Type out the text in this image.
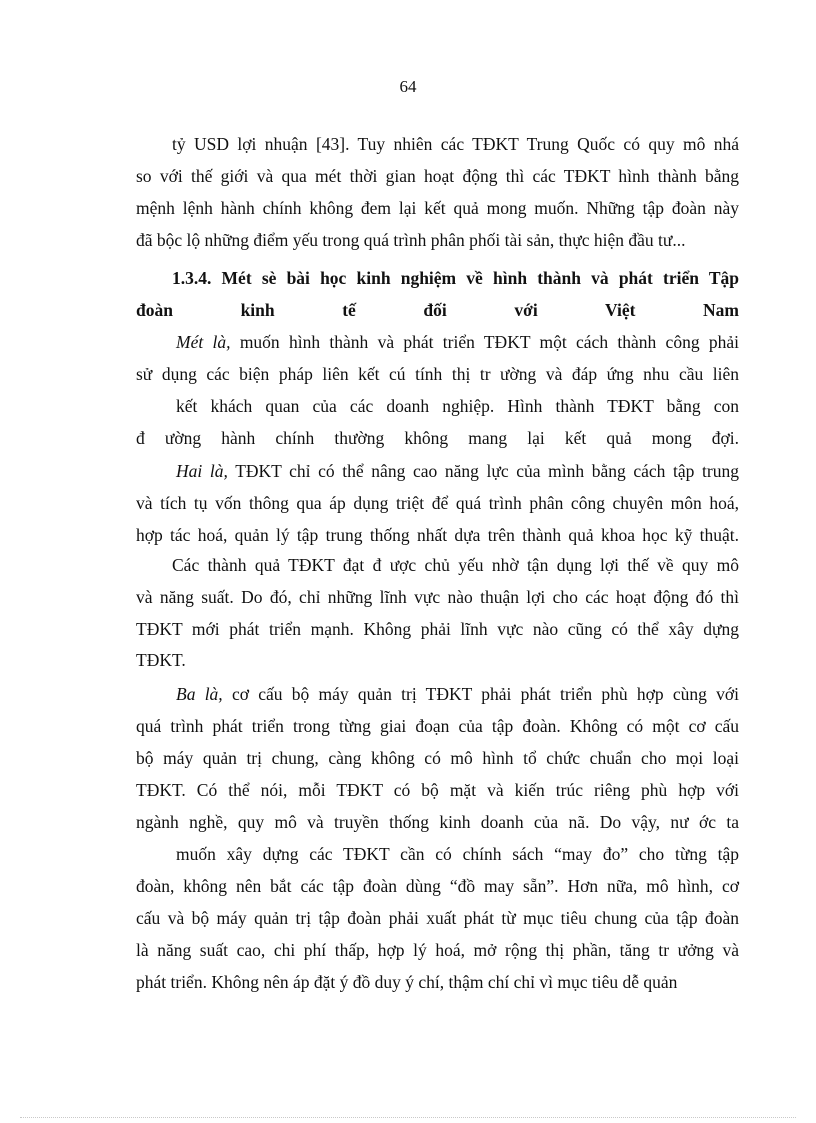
64
tỷ USD lợi nhuận [43]. Tuy nhiên các TĐKT Trung Quốc có quy mô nhá
so với thế giới và qua mét thời gian hoạt động thì các TĐKT hình thành bằng
mệnh lệnh hành chính không đem lại kết quả mong muốn. Những tập đoàn này
đã bộc lộ những điểm yếu trong quá trình phân phối tài sản, thực hiện đầu tư...
1.3.4. Mét sè bài học kinh nghiệm về hình thành và phát triển Tập
đoàn kinh tế đối với Việt Nam
Mét là, muốn hình thành và phát triển TĐKT một cách thành công phải
sử dụng các biện pháp liên kết cú tính thị tr ường và đáp ứng nhu cầu liên
kết khách quan của các doanh nghiệp. Hình thành TĐKT bằng con
đ ường hành chính thường không mang lại kết quả mong đợi.
Hai là, TĐKT chỉ có thể nâng cao năng lực của mình bằng cách tập trung
và tích tụ vốn thông qua áp dụng triệt để quá trình phân công chuyên môn hoá,
hợp tác hoá, quản lý tập trung thống nhất dựa trên thành quả khoa học kỹ thuật.
Các thành quả TĐKT đạt đ ược chủ yếu nhờ tận dụng lợi thế về quy mô
và năng suất. Do đó, chỉ những lĩnh vực nào thuận lợi cho các hoạt động đó thì
TĐKT mới phát triển mạnh. Không phải lĩnh vực nào cũng có thể xây dựng
TĐKT.
Ba là, cơ cấu bộ máy quản trị TĐKT phải phát triển phù hợp cùng với
quá trình phát triển trong từng giai đoạn của tập đoàn. Không có một cơ cấu
bộ máy quản trị chung, càng không có mô hình tổ chức chuẩn cho mọi loại
TĐKT. Có thể nói, mỗi TĐKT có bộ mặt và kiến trúc riêng phù hợp với
ngành nghề, quy mô và truyền thống kinh doanh của nã. Do vậy, nư ớc ta
muốn xây dựng các TĐKT cần có chính sách “may đo” cho từng tập
đoàn, không nên bắt các tập đoàn dùng “đồ may sẵn”. Hơn nữa, mô hình, cơ
cấu và bộ máy quản trị tập đoàn phải xuất phát từ mục tiêu chung của tập đoàn
là năng suất cao, chi phí thấp, hợp lý hoá, mở rộng thị phần, tăng tr ưởng và
phát triển. Không nên áp đặt ý đồ duy ý chí, thậm chí chỉ vì mục tiêu dễ quản
